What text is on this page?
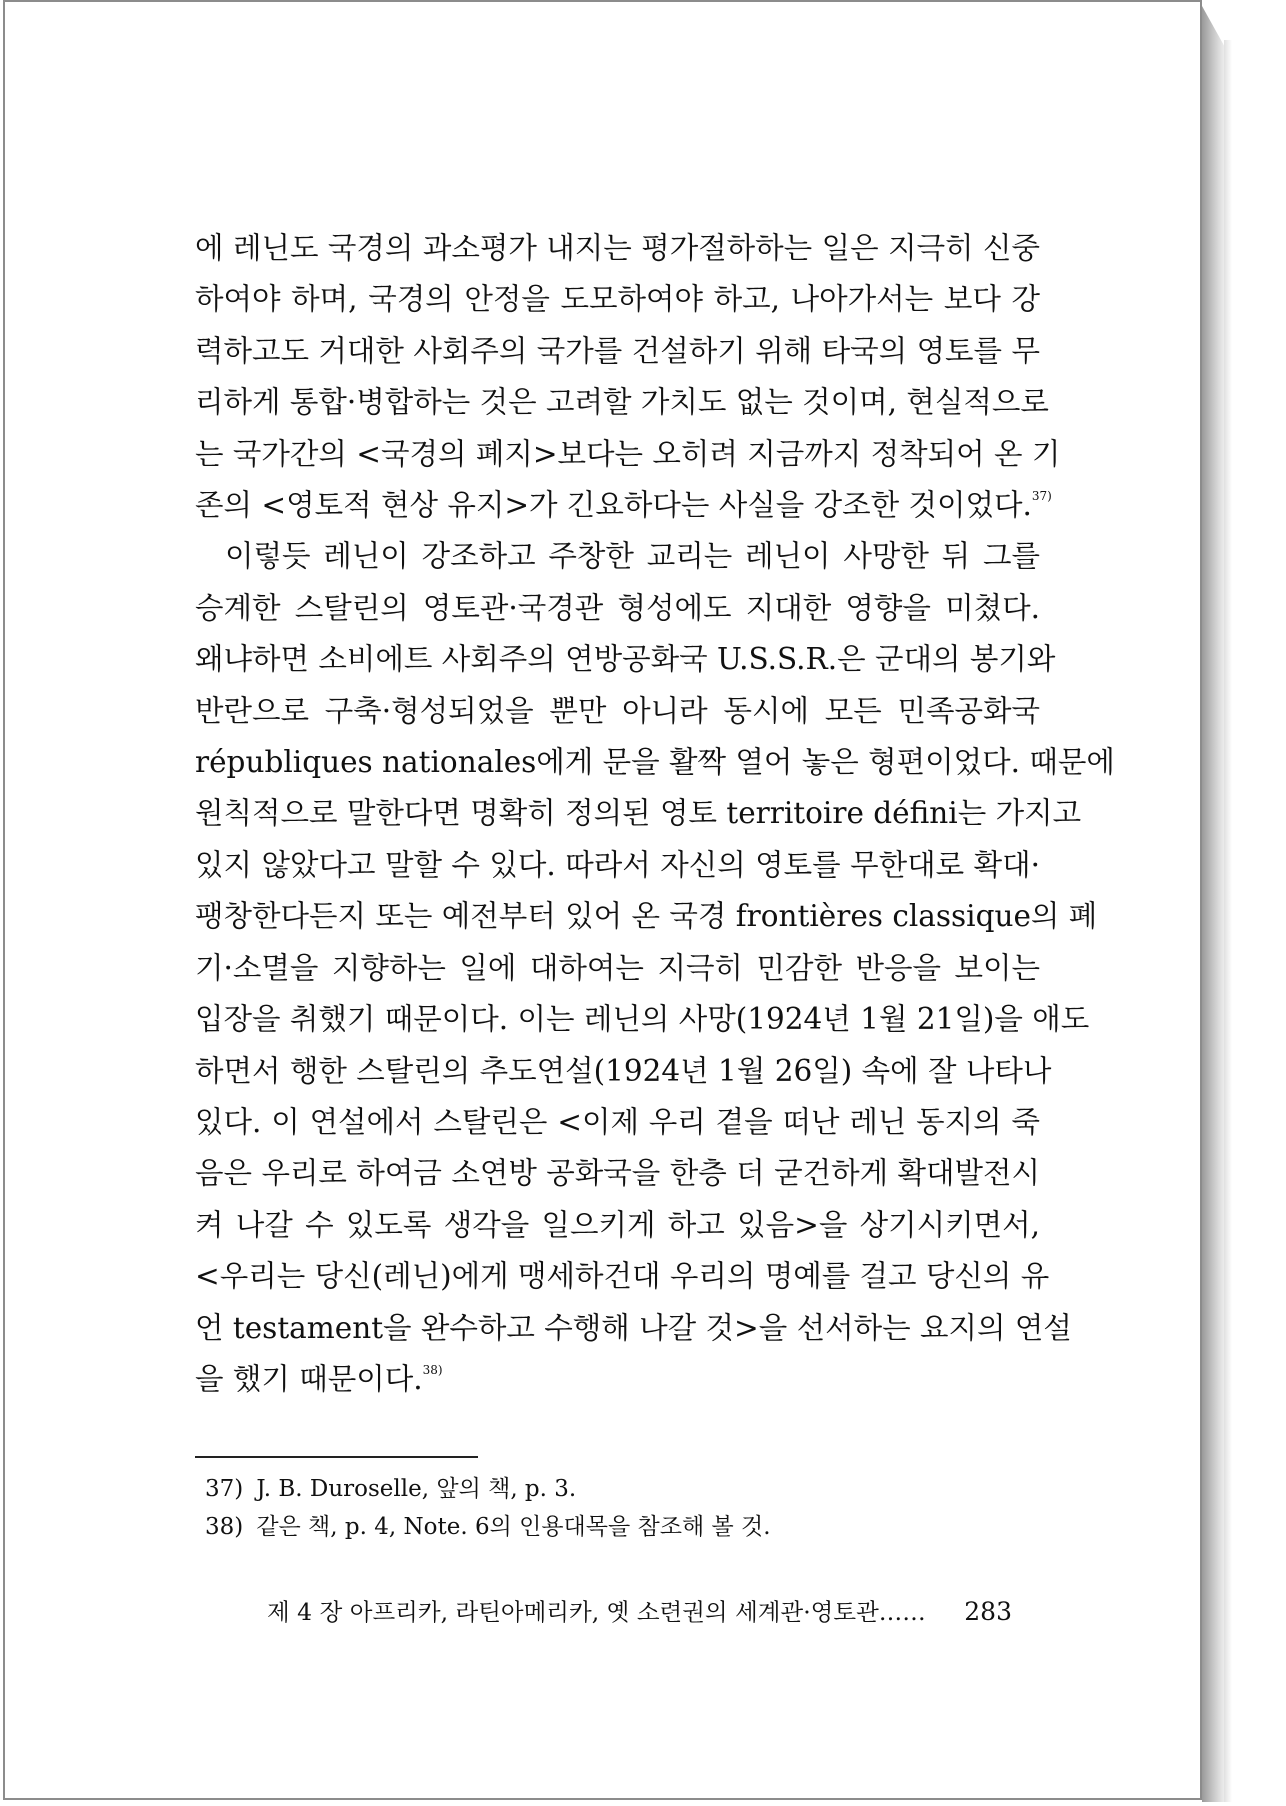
에 레닌도 국경의 과소평가 내지는 평가절하하는 일은 지극히 신중
하여야 하며, 국경의 안정을 도모하여야 하고, 나아가서는 보다 강
력하고도 거대한 사회주의 국가를 건설하기 위해 타국의 영토를 무
리하게 통합·병합하는 것은 고려할 가치도 없는 것이며, 현실적으로
는 국가간의 <국경의 폐지>보다는 오히려 지금까지 정착되어 온 기
존의 <영토적 현상 유지>가 긴요하다는 사실을 강조한 것이었다.$^{37)}$
이렇듯 레닌이 강조하고 주창한 교리는 레닌이 사망한 뒤 그를
승계한 스탈린의 영토관·국경관 형성에도 지대한 영향을 미쳤다.
왜냐하면 소비에트 사회주의 연방공화국 U.S.S.R.은 군대의 봉기와
반란으로 구축·형성되었을 뿐만 아니라 동시에 모든 민족공화국
républiques nationales에게 문을 활짝 열어 놓은 형편이었다. 때문에
원칙적으로 말한다면 명확히 정의된 영토 territoire défini는 가지고
있지 않았다고 말할 수 있다. 따라서 자신의 영토를 무한대로 확대·
팽창한다든지 또는 예전부터 있어 온 국경 frontières classique의 폐
기·소멸을 지향하는 일에 대하여는 지극히 민감한 반응을 보이는
입장을 취했기 때문이다. 이는 레닌의 사망(1924년 1월 21일)을 애도
하면서 행한 스탈린의 추도연설(1924년 1월 26일) 속에 잘 나타나
있다. 이 연설에서 스탈린은 <이제 우리 곁을 떠난 레닌 동지의 죽
음은 우리로 하여금 소연방 공화국을 한층 더 굳건하게 확대발전시
켜 나갈 수 있도록 생각을 일으키게 하고 있음>을 상기시키면서,
<우리는 당신(레닌)에게 맹세하건대 우리의 명예를 걸고 당신의 유
언 testament을 완수하고 수행해 나갈 것>을 선서하는 요지의 연설
을 했기 때문이다.$^{38)}$
37) J. B. Duroselle, 앞의 책, p. 3.
38) 같은 책, p. 4, Note. 6의 인용대목을 참조해 볼 것.
제 4 장 아프리카, 라틴아메리카, 옛 소련권의 세계관·영토관…… 283
